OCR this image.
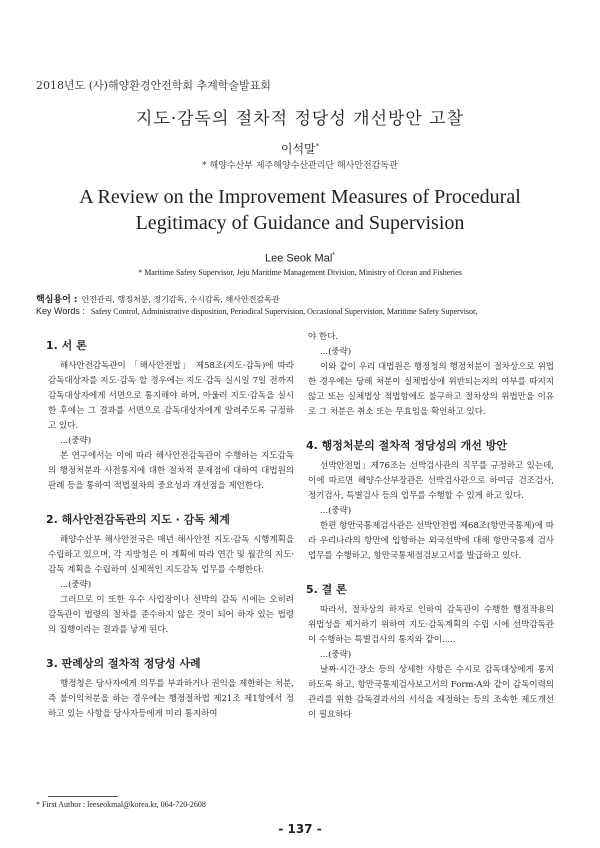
2018년도 (사)해양환경안전학회 추계학술발표회
지도·감독의 절차적 정당성 개선방안 고찰
이석말*
* 해양수산부 제주해양수산관리단 해사안전감독관
A Review on the Improvement Measures of Procedural Legitimacy of Guidance and Supervision
Lee Seok Mal*
* Maritime Safety Supervisor, Jeju Maritime Management Division, Ministry of Ocean and Fisheries
핵심용어 : 안전관리, 행정처분, 정기감독, 수시감독, 해사안전감독관
Key Words : Safety Control, Administrative disposition, Periodical Supervision, Occasional Supervision, Maritime Safety Supervisor,
1. 서 론

해사안전감독관이 「해사안전법」 제58조(지도·감독)에 따라 감독대상자를 지도·감독 할 경우에는 지도·감독 실시일 7일 전까지 감독대상자에게 서면으로 통지해야 하며, 아울러 지도·감독을 실시한 후에는 그 결과를 서면으로 감독대상자에게 알려주도록 규정하고 있다.

...(중략)

본 연구에서는 이에 따라 해사안전감독관이 수행하는 지도감독의 행정처분과 사전통지에 대한 절차적 문제점에 대하여 대법원의 판례 등을 통하여 적법절차의 중요성과 개선점을 제언한다.

2. 해사안전감독관의 지도 · 감독 체계

해양수산부 해사안전국은 매년 해사안전 지도·감독 시행계획을 수립하고 있으며, 각 지방청은 이 계획에 따라 연간 및 월간의 지도·감독 계획을 수립하여 실제적인 지도감독 업무를 수행한다.

...(중략)

그러므로 이 또한 우수 사업장이나 선박의 감독 시에는 오히려 감독관이 법령의 절차를 준수하지 않은 것이 되어 하자 있는 법령의 집행이라는 결과를 낳게 된다.

3. 판례상의 절차적 정당성 사례

행정청은 당사자에게 의무를 부과하거나 권익을 제한하는 처분, 즉 불이익처분을 하는 경우에는 행정절차법 제21조 제1항에서 정하고 있는 사항을 당사자등에게 미리 통지하여

야 한다.

...(중략)

이와 같이 우리 대법원은 행정청의 행정처분이 절차상으로 위법한 경우에는 당해 처분이 실체법상에 위반되는지의 여부를 따지지 않고 또는 실체법상 적법함에도 불구하고 절차상의 위법만을 이유로 그 처분은 취소 또는 무효임을 확인하고 있다.

4. 행정처분의 절차적 정당성의 개선 방안

선박안전법」제76조는 선박검사관의 직무를 규정하고 있는데, 이에 따르면 해양수산부장관은 선박검사관으로 하여금 건조검사, 정기검사, 특별검사 등의 업무를 수행할 수 있게 하고 있다.

...(중략)

한편 항만국통제검사관은 선박안전법 제68조(항만국통제)에 따라 우리나라의 항만에 입항하는 외국선박에 대해 항만국통제 검사업무를 수행하고, 항만국통제점검보고서를 발급하고 있다.

5. 결 론

따라서, 절차상의 하자로 인하여 감독관이 수행한 행정작용의 위법성을 제거하기 위하여 지도·감독계획의 수립 시에 선박감독관이 수행하는 특별검사의 통지와 같이.....

...(중략)

날짜·시간·장소 등의 상세한 사항은 수시로 감독대상에게 통지하도록 하고, 항만국통제검사보고서의 Form-A와 같이 감독이력의 관리를 위한 감독결과서의 서식을 제정하는 등의 조속한 제도개선이 필요하다

* First Author : leeseokmal@korea.kr, 064-720-2608
- 137 -
